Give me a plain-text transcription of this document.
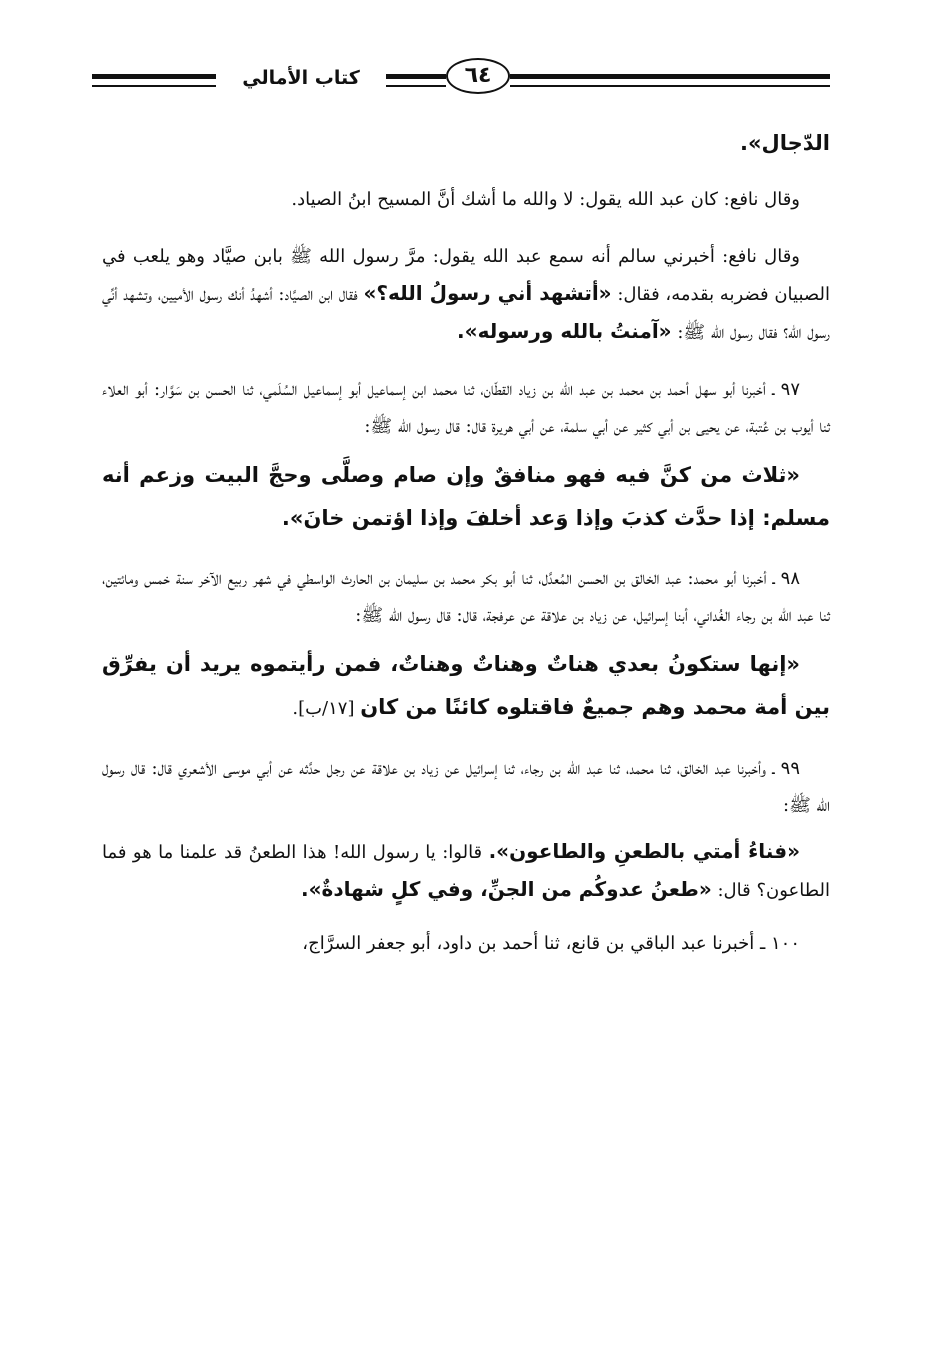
كتاب الأمالي	٦٤

الدّجال».

وقال نافع: كان عبد الله يقول: لا والله ما أشك أنَّ المسيح ابنُ الصياد.

وقال نافع: أخبرني سالم أنه سمع عبد الله يقول: مرَّ رسول الله ﷺ بابن صيَّاد وهو يلعب في الصبيان فضربه بقدمه، فقال: «أتشهد أني رسولُ الله؟» فقال ابن الصيَّاد: أشهدُ أنك رسول الأميين، وتشهد أنِّي رسول الله؟ فقال رسول الله ﷺ: «آمنتُ بالله ورسوله».

٩٧ ـ أخبرنا أبو سهل أحمد بن محمد بن عبد الله بن زياد القطّان، ثنا محمد ابن إسماعيل أبو إسماعيل السُلَمي، ثنا الحسن بن سَوَّار: أبو العلاء ثنا أيوب بن عُتبة، عن يحيى بن أبي كثير عن أبي سلمة، عن أبي هريرة قال: قال رسول الله ﷺ:

«ثلاث من كنَّ فيه فهو منافقٌ وإن صام وصلَّى وحجَّ البيت وزعم أنه مسلم: إذا حدَّث كذبَ وإذا وَعد أخلفَ وإذا اؤتمن خانَ».

٩٨ ـ أخبرنا أبو محمد: عبد الخالق بن الحسن المُعدَّل، ثنا أبو بكر محمد بن سليمان بن الحارث الواسطي في شهر ربيع الآخر سنة خمس ومائتين، ثنا عبد الله بن رجاء الغُداني، أبنا إسرائيل، عن زياد بن علاقة عن عرفجة، قال: قال رسول الله ﷺ:

«إنها ستكونُ بعدي هناتٌ وهناتٌ وهناتٌ، فمن رأيتموه يريد أن يفرِّق بين أمة محمد وهم جميعٌ فاقتلوه كائنًا من كان [١٧/ب].

٩٩ ـ وأخبرنا عبد الخالق، ثنا محمد، ثنا عبد الله بن رجاء، ثنا إسرائيل عن زياد بن علاقة عن رجل حدَّثه عن أبي موسى الأشعري قال: قال رسول الله ﷺ:

«فناءُ أمتي بالطعنِ والطاعون». قالوا: يا رسول الله! هذا الطعنُ قد علمنا ما هو فما الطاعون؟ قال: «طعنُ عدوكُم من الجنِّ، وفي كلٍ شهادةٌ».

١٠٠ ـ أخبرنا عبد الباقي بن قانع، ثنا أحمد بن داود، أبو جعفر السرَّاج،
